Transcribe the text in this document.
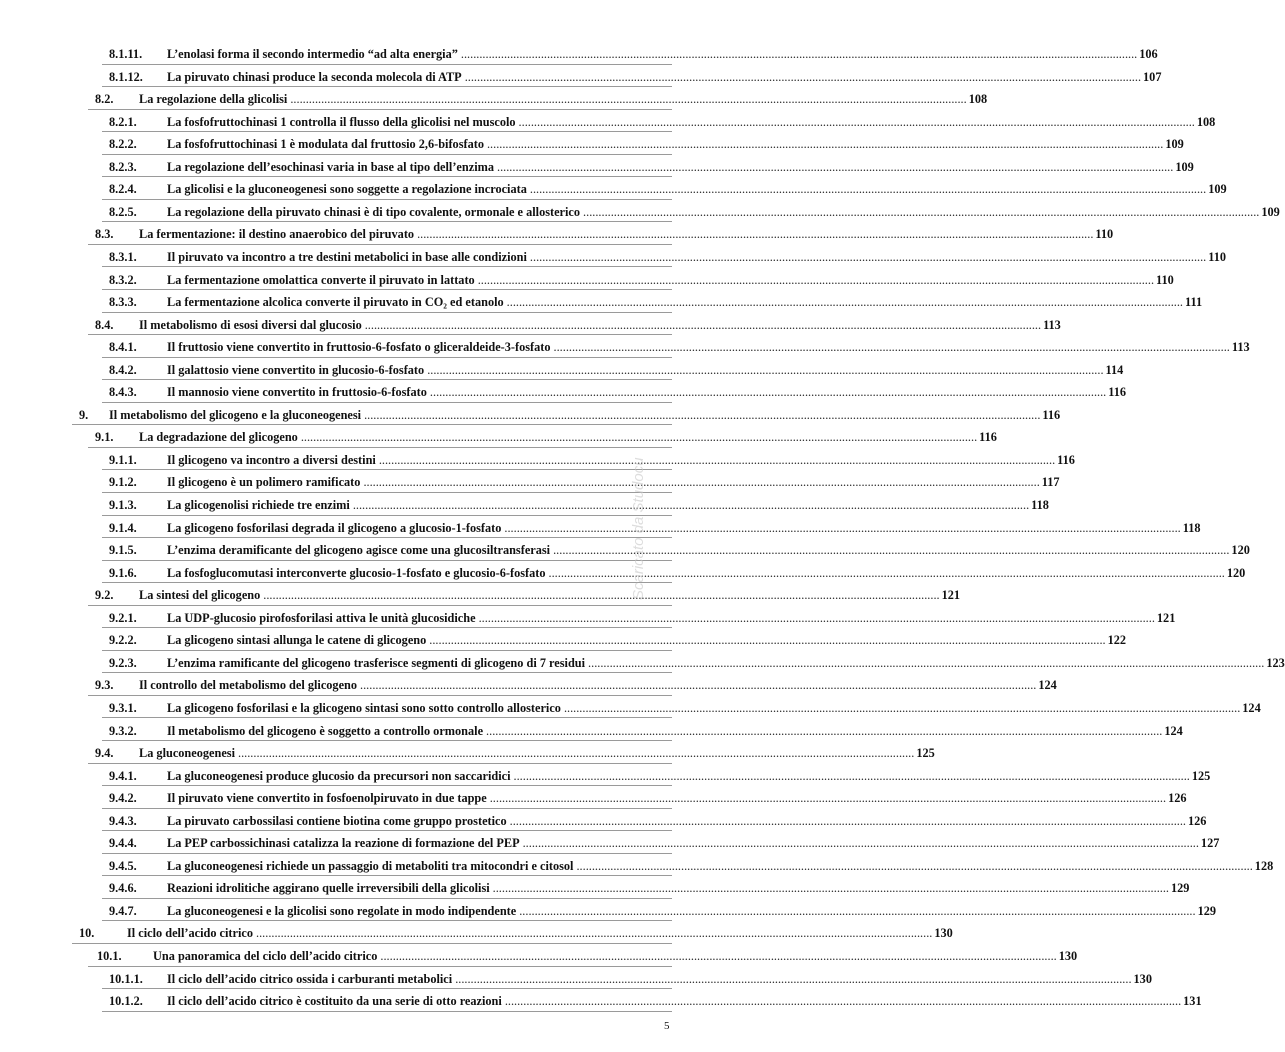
8.1.11.	L’enolasi forma il secondo intermedio “ad alta energia” ............................................................................................................................................................................................................................ 106
8.1.12.	La piruvato chinasi produce la seconda molecola di ATP ............................................................................................................................................................................................................................ 107
8.2.	La regolazione della glicolisi ............................................................................................................................................................................................................................ 108
8.2.1.	La fosfofruttochinasi 1 controlla il flusso della glicolisi nel muscolo ............................................................................................................................................................................................................................ 108
8.2.2.	La fosfofruttochinasi 1 è modulata dal fruttosio 2,6-bifosfato ............................................................................................................................................................................................................................ 109
8.2.3.	La regolazione dell’esochinasi varia in base al tipo dell’enzima ............................................................................................................................................................................................................................ 109
8.2.4.	La glicolisi e la gluconeogenesi sono soggette a regolazione incrociata ............................................................................................................................................................................................................................ 109
8.2.5.	La regolazione della piruvato chinasi è di tipo covalente, ormonale e allosterico ............................................................................................................................................................................................................................ 109
8.3.	La fermentazione: il destino anaerobico del piruvato ............................................................................................................................................................................................................................ 110
8.3.1.	Il piruvato va incontro a tre destini metabolici in base alle condizioni ............................................................................................................................................................................................................................ 110
8.3.2.	La fermentazione omolattica converte il piruvato in lattato ............................................................................................................................................................................................................................ 110
8.3.3.	La fermentazione alcolica converte il piruvato in CO₂ ed etanolo ............................................................................................................................................................................................................................ 111
8.4.	Il metabolismo di esosi diversi dal glucosio ............................................................................................................................................................................................................................ 113
8.4.1.	Il fruttosio viene convertito in fruttosio-6-fosfato o gliceraldeide-3-fosfato ............................................................................................................................................................................................................................ 113
8.4.2.	Il galattosio viene convertito in glucosio-6-fosfato ............................................................................................................................................................................................................................ 114
8.4.3.	Il mannosio viene convertito in fruttosio-6-fosfato ............................................................................................................................................................................................................................ 116
9.	Il metabolismo del glicogeno e la gluconeogenesi ............................................................................................................................................................................................................................ 116
9.1.	La degradazione del glicogeno ............................................................................................................................................................................................................................ 116
9.1.1.	Il glicogeno va incontro a diversi destini ............................................................................................................................................................................................................................ 116
9.1.2.	Il glicogeno è un polimero ramificato ............................................................................................................................................................................................................................ 117
9.1.3.	La glicogenolisi richiede tre enzimi ............................................................................................................................................................................................................................ 118
9.1.4.	La glicogeno fosforilasi degrada il glicogeno a glucosio-1-fosfato ............................................................................................................................................................................................................................ 118
9.1.5.	L’enzima deramificante del glicogeno agisce come una glucosiltransferasi ............................................................................................................................................................................................................................ 120
9.1.6.	La fosfoglucomutasi interconverte glucosio-1-fosfato e glucosio-6-fosfato ............................................................................................................................................................................................................................ 120
9.2.	La sintesi del glicogeno ............................................................................................................................................................................................................................ 121
9.2.1.	La UDP-glucosio pirofosforilasi attiva le unità glucosidiche ............................................................................................................................................................................................................................ 121
9.2.2.	La glicogeno sintasi allunga le catene di glicogeno ............................................................................................................................................................................................................................ 122
9.2.3.	L’enzima ramificante del glicogeno trasferisce segmenti di glicogeno di 7 residui ............................................................................................................................................................................................................................ 123
9.3.	Il controllo del metabolismo del glicogeno ............................................................................................................................................................................................................................ 124
9.3.1.	La glicogeno fosforilasi e la glicogeno sintasi sono sotto controllo allosterico ............................................................................................................................................................................................................................ 124
9.3.2.	Il metabolismo del glicogeno è soggetto a controllo ormonale ............................................................................................................................................................................................................................ 124
9.4.	La gluconeogenesi ............................................................................................................................................................................................................................ 125
9.4.1.	La gluconeogenesi produce glucosio da precursori non saccaridici ............................................................................................................................................................................................................................ 125
9.4.2.	Il piruvato viene convertito in fosfoenolpiruvato in due tappe ............................................................................................................................................................................................................................ 126
9.4.3.	La piruvato carbossilasi contiene biotina come gruppo prostetico ............................................................................................................................................................................................................................ 126
9.4.4.	La PEP carbossichinasi catalizza la reazione di formazione del PEP ............................................................................................................................................................................................................................ 127
9.4.5.	La gluconeogenesi richiede un passaggio di metaboliti tra mitocondri e citosol ............................................................................................................................................................................................................................ 128
9.4.6.	Reazioni idrolitiche aggirano quelle irreversibili della glicolisi ............................................................................................................................................................................................................................ 129
9.4.7.	La gluconeogenesi e la glicolisi sono regolate in modo indipendente ............................................................................................................................................................................................................................ 129
10.	Il ciclo dell’acido citrico ............................................................................................................................................................................................................................ 130
10.1.	Una panoramica del ciclo dell’acido citrico ............................................................................................................................................................................................................................ 130
10.1.1.	Il ciclo dell’acido citrico ossida i carburanti metabolici ............................................................................................................................................................................................................................ 130
10.1.2.	Il ciclo dell’acido citrico è costituito da una serie di otto reazioni ............................................................................................................................................................................................................................ 131
5
Scaricato da Studocu
